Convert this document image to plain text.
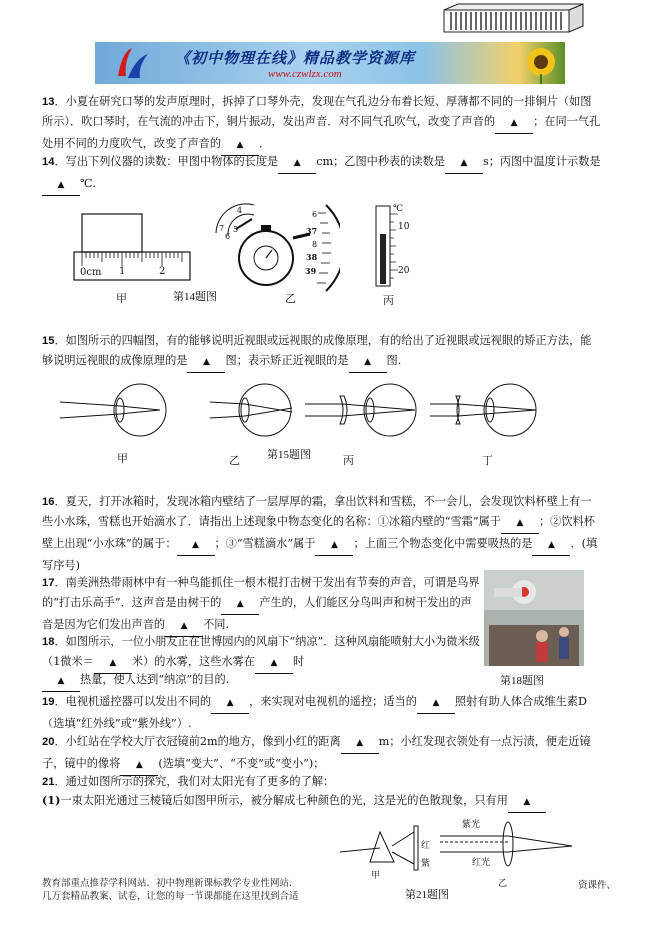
《初中物理在线》精品教学资源库
www.czwlzx.com
13．小夏在研究口琴的发声原理时，拆掉了口琴外壳，发现在气孔边分布着长短、厚薄都不同的一排铜片（如图所示）．吹口琴时，在气流的冲击下，铜片振动，发出声音．对不同气孔吹气，改变了声音的 ▲ ；在同一气孔处用不同的力度吹气，改变了声音的 ▲ ．
14．写出下列仪器的读数：甲图中物体的长度是 ▲ cm；乙图中秒表的读数是 ▲ s；丙图中温度计示数是▲ ℃.
0cm 1	2
甲	第14题图
4
7
6
5
6
37
8
38
39
乙
℃
10
20
丙
15．如图所示的四幅图，有的能够说明近视眼或远视眼的成像原理，有的给出了近视眼或远视眼的矫正方法，能够说明远视眼的成像原理的是 ▲ 图；表示矫正近视眼的是 ▲ 图.
甲	乙 第15题图	丙	丁
16．夏天，打开冰箱时，发现冰箱内壁结了一层厚厚的霜，拿出饮料和雪糕，不一会儿，会发现饮料杯壁上有一些小水珠，雪糕也开始滴水了．请指出上述现象中物态变化的名称：①冰箱内壁的“雪霜”属于 ▲ ；②饮料杯壁上出现“小水珠”的属于： ▲ ；③“雪糕滴水”属于 ▲ ；上面三个物态变化中需要吸热的是 ▲ ．(填写序号)
17．南美洲热带雨林中有一种鸟能抓住一根木棍打击树干发出有节奏的声音，可谓是鸟界的“打击乐高手”．这声音是由树干的 ▲ 产生的，人们能区分鸟叫声和树干发出的声音是因为它们发出声音的 ▲ 不同.
18．如图所示，一位小朋友正在世博园内的风扇下“纳凉”．这种风扇能喷射大小为微米级（1微米＝ ▲ 米）的水雾，这些水雾在 ▲ 时
▲ 热量，使人达到“纳凉”的目的.	第18题图
19．电视机遥控器可以发出不同的 ▲ ，来实现对电视机的遥控；适当的 ▲ 照射有助人体合成维生素D（选填“红外线”或“紫外线”）.
20．小红站在学校大厅衣冠镜前2m的地方，像到小红的距离 ▲ m；小红发现衣领处有一点污渍，便走近镜子，镜中的像将 ▲ (选填“变大”、“不变”或“变小”)；
21．通过如图所示的探究，我们对太阳光有了更多的了解：
(1)一束太阳光通过三棱镜后如图甲所示，被分解成七种颜色的光，这是光的色散现象，只有用 ▲
红
紫
紫光
红光
甲
乙
第21题图
教育部重点推荐学科网站．初中物理新课标教学专业性网站．
几万套精品教案、试卷，让您的每一节课都能在这里找到合适
资课件、
